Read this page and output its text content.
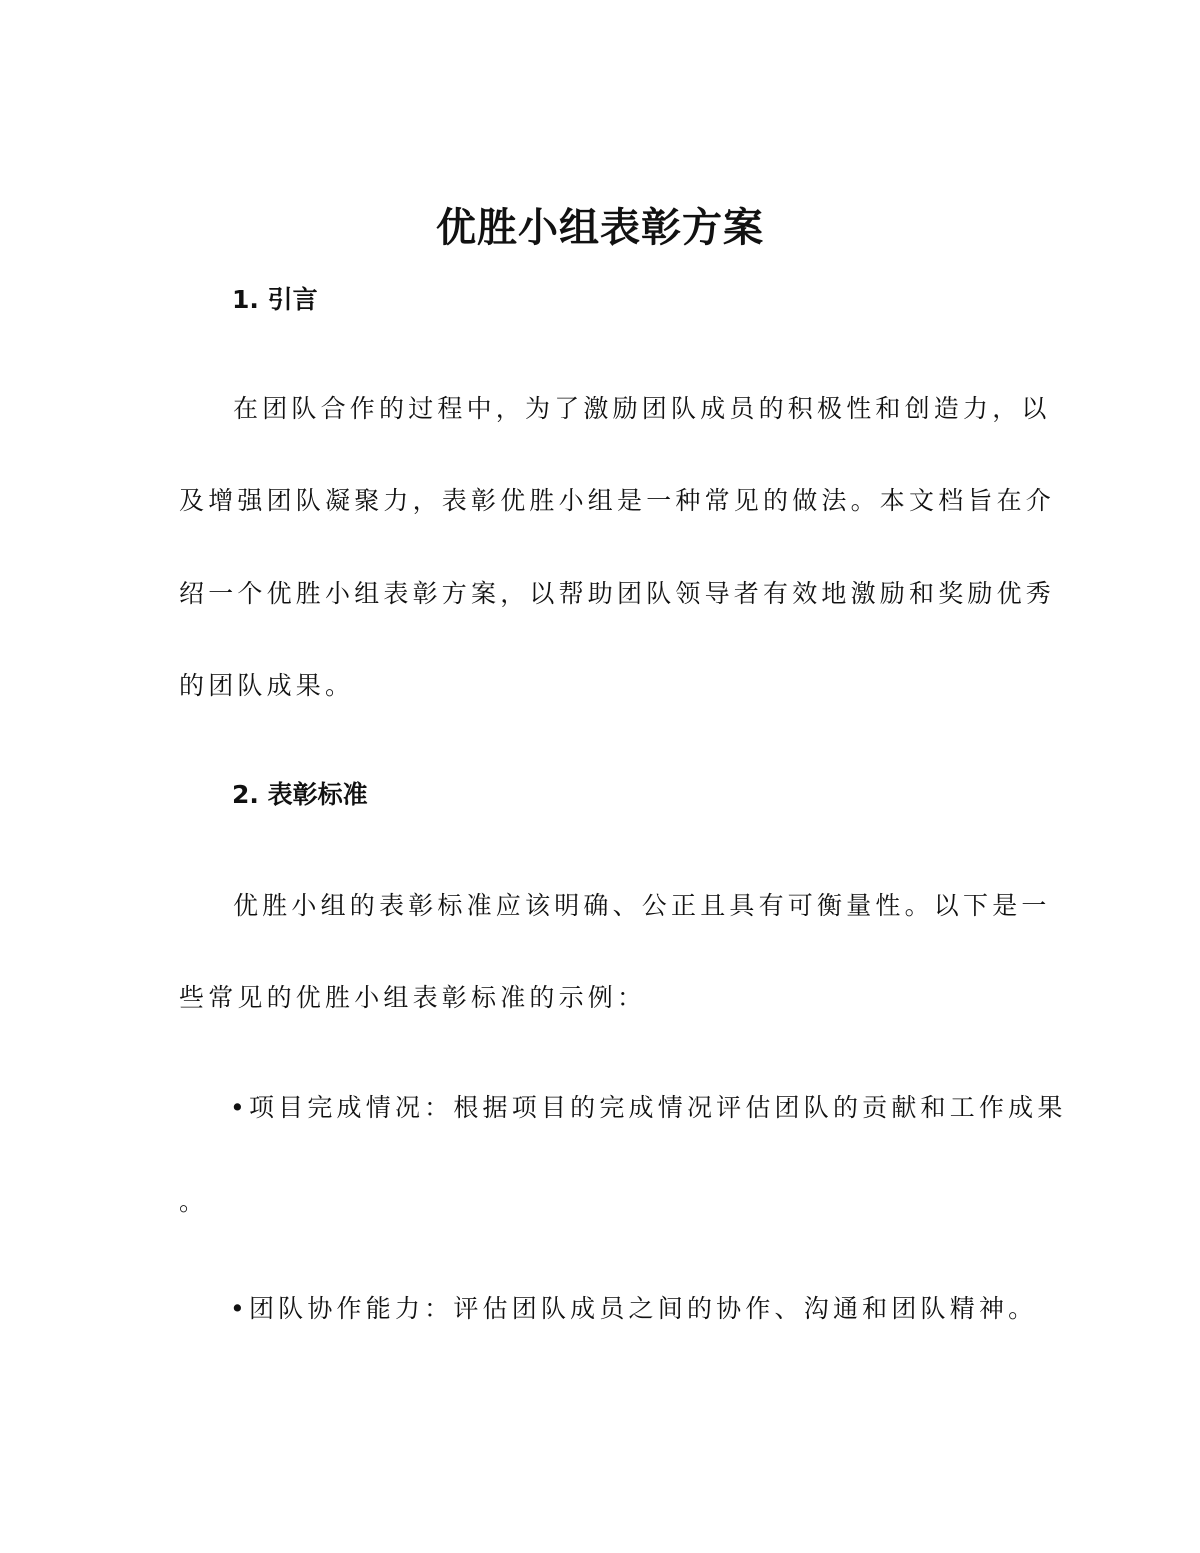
优胜小组表彰方案
1. 引言

在团队合作的过程中，为了激励团队成员的积极性和创造力，以

及增强团队凝聚力，表彰优胜小组是一种常见的做法。本文档旨在介

绍一个优胜小组表彰方案，以帮助团队领导者有效地激励和奖励优秀

的团队成果。

2. 表彰标准

优胜小组的表彰标准应该明确、公正且具有可衡量性。以下是一

些常见的优胜小组表彰标准的示例：

•项目完成情况：根据项目的完成情况评估团队的贡献和工作成果

。

•团队协作能力：评估团队成员之间的协作、沟通和团队精神。
